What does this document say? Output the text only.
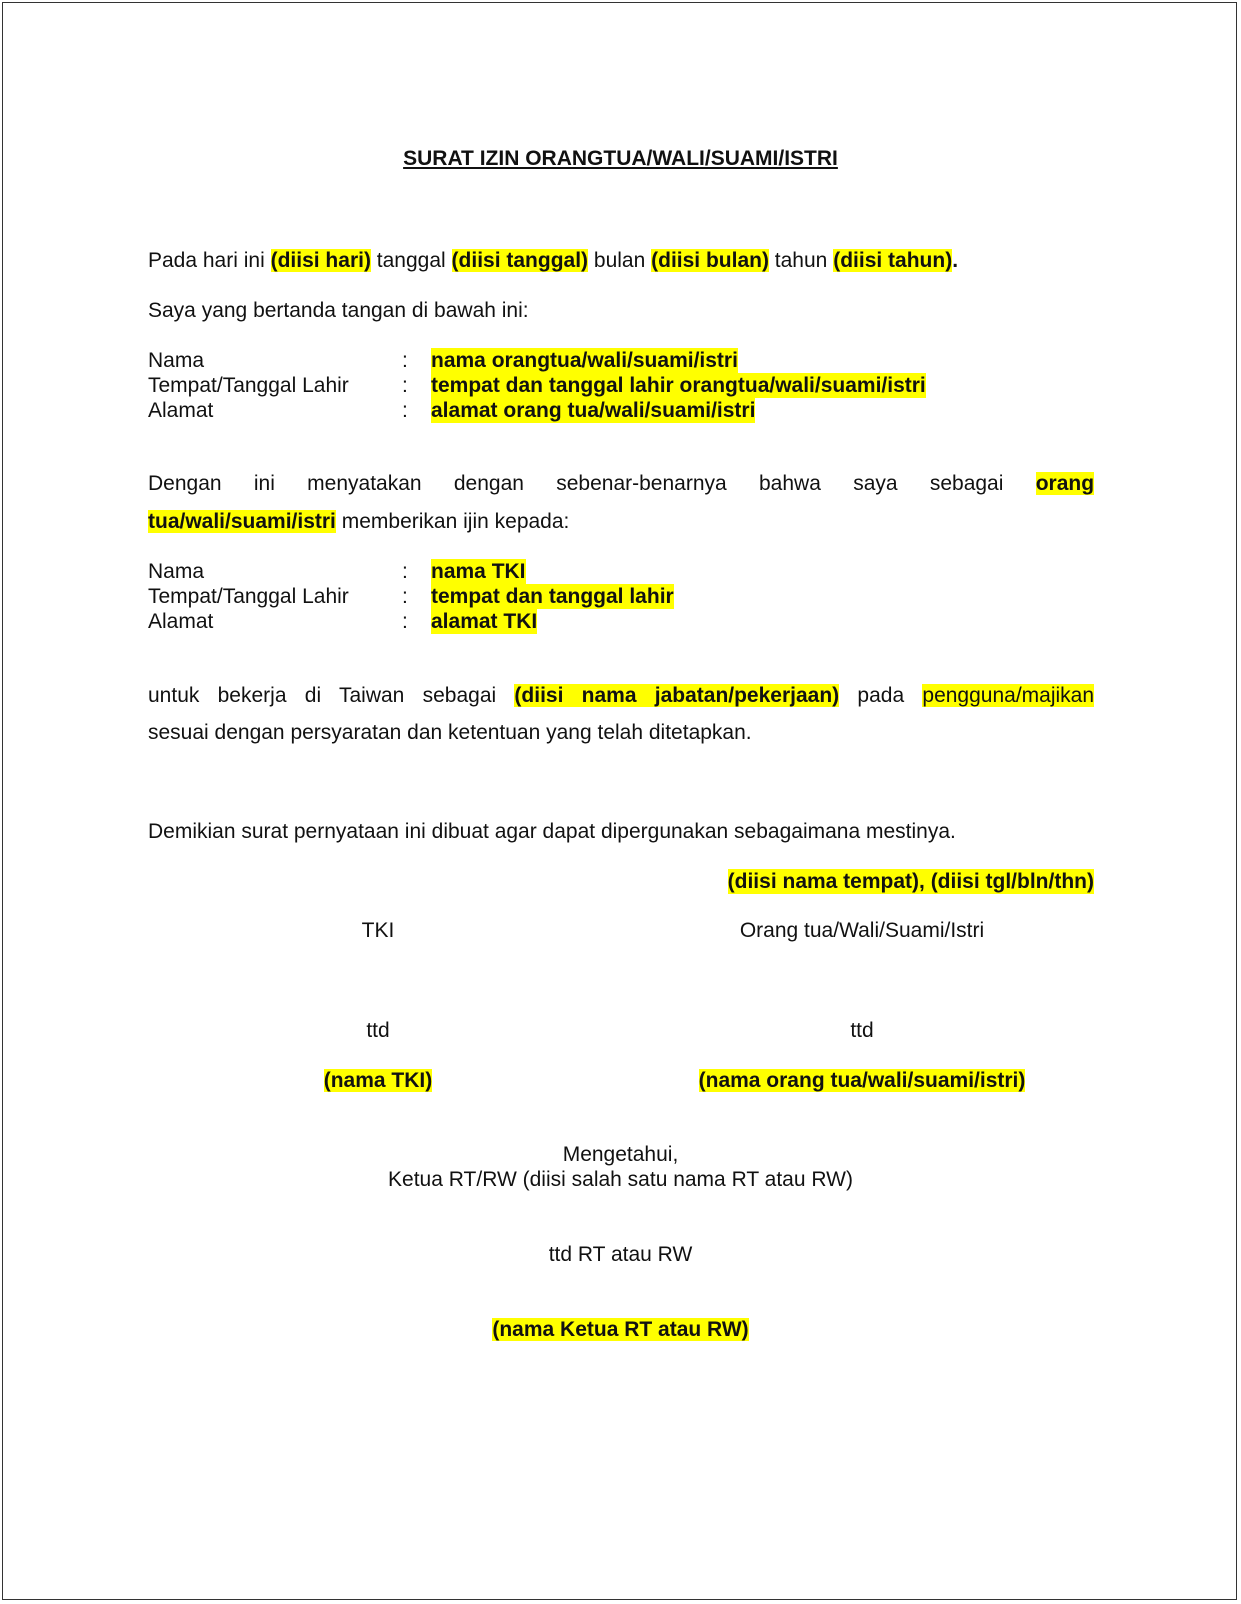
SURAT IZIN ORANGTUA/WALI/SUAMI/ISTRI
Pada hari ini (diisi hari) tanggal (diisi tanggal) bulan (diisi bulan) tahun (diisi tahun).
Saya yang bertanda tangan di bawah ini:
Nama	: nama orangtua/wali/suami/istri
Tempat/Tanggal Lahir	: tempat dan tanggal lahir orangtua/wali/suami/istri
Alamat	: alamat orang tua/wali/suami/istri
Dengan ini menyatakan dengan sebenar-benarnya bahwa saya sebagai orang
tua/wali/suami/istri memberikan ijin kepada:
Nama	: nama TKI
Tempat/Tanggal Lahir	: tempat dan tanggal lahir
Alamat	: alamat TKI
untuk bekerja di Taiwan sebagai (diisi nama jabatan/pekerjaan) pada pengguna/majikan
sesuai dengan persyaratan dan ketentuan yang telah ditetapkan.
Demikian surat pernyataan ini dibuat agar dapat dipergunakan sebagaimana mestinya.
(diisi nama tempat), (diisi tgl/bln/thn)
TKI	Orang tua/Wali/Suami/Istri
ttd	ttd
(nama TKI)	(nama orang tua/wali/suami/istri)
Mengetahui,
Ketua RT/RW (diisi salah satu nama RT atau RW)
ttd RT atau RW
(nama Ketua RT atau RW)
